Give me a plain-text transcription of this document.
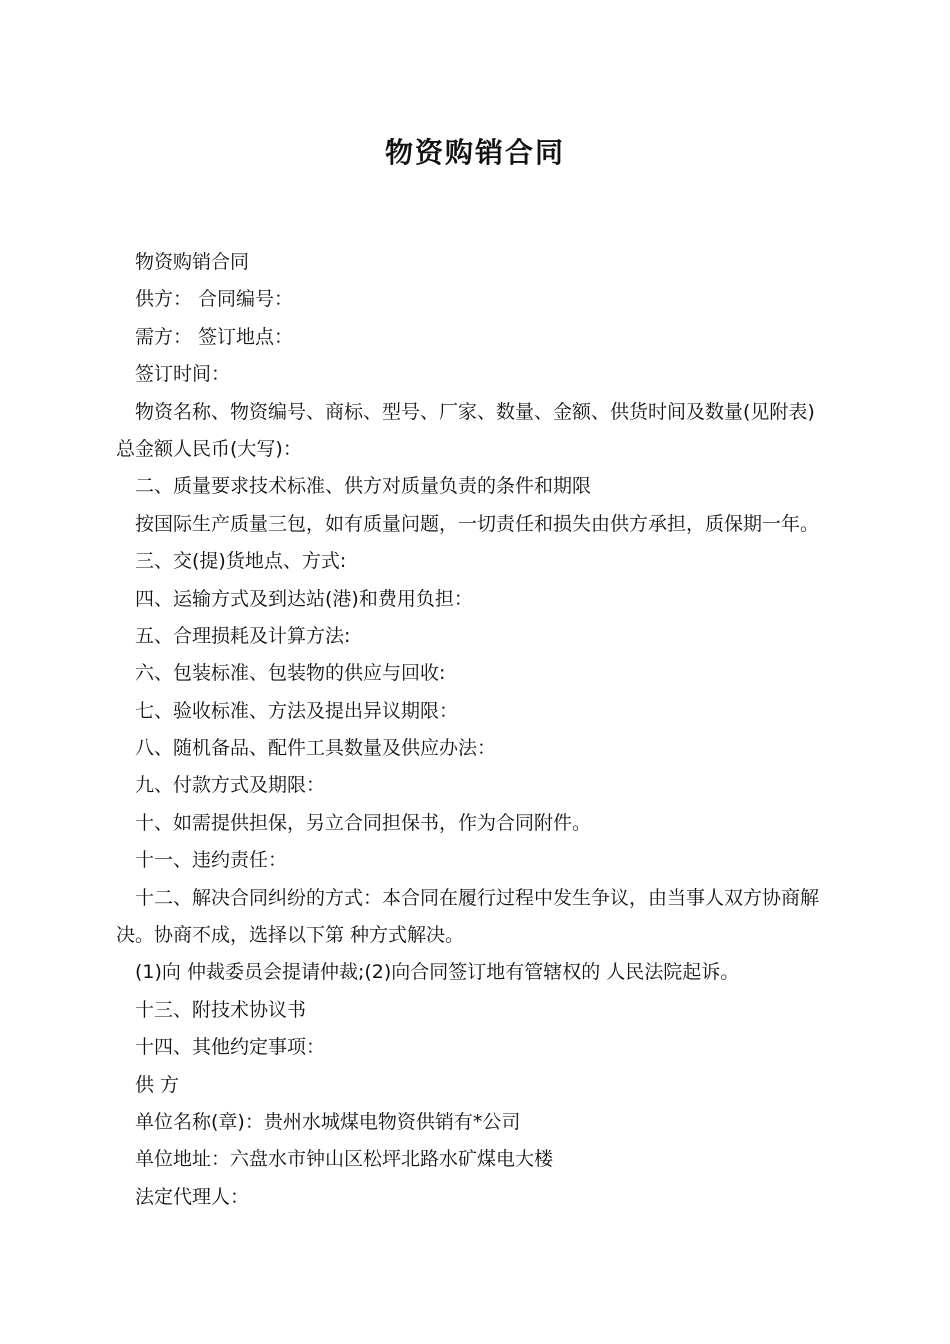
物资购销合同

物资购销合同

供方： 合同编号：

需方： 签订地点：

签订时间：

物资名称、物资编号、商标、型号、厂家、数量、金额、供货时间及数量(见附表)

总金额人民币(大写)：

二、质量要求技术标准、供方对质量负责的条件和期限

按国际生产质量三包，如有质量问题，一切责任和损失由供方承担，质保期一年。

三、交(提)货地点、方式:

四、运输方式及到达站(港)和费用负担：

五、合理损耗及计算方法:

六、包装标准、包装物的供应与回收:

七、验收标准、方法及提出异议期限：

八、随机备品、配件工具数量及供应办法：

九、付款方式及期限：

十、如需提供担保，另立合同担保书，作为合同附件。

十一、违约责任：

十二、解决合同纠纷的方式：本合同在履行过程中发生争议，由当事人双方协商解

决。协商不成，选择以下第 种方式解决。

(1)向 仲裁委员会提请仲裁;(2)向合同签订地有管辖权的 人民法院起诉。

十三、附技术协议书

十四、其他约定事项：

供 方

单位名称(章)：贵州水城煤电物资供销有*公司

单位地址：六盘水市钟山区松坪北路水矿煤电大楼

法定代理人：
